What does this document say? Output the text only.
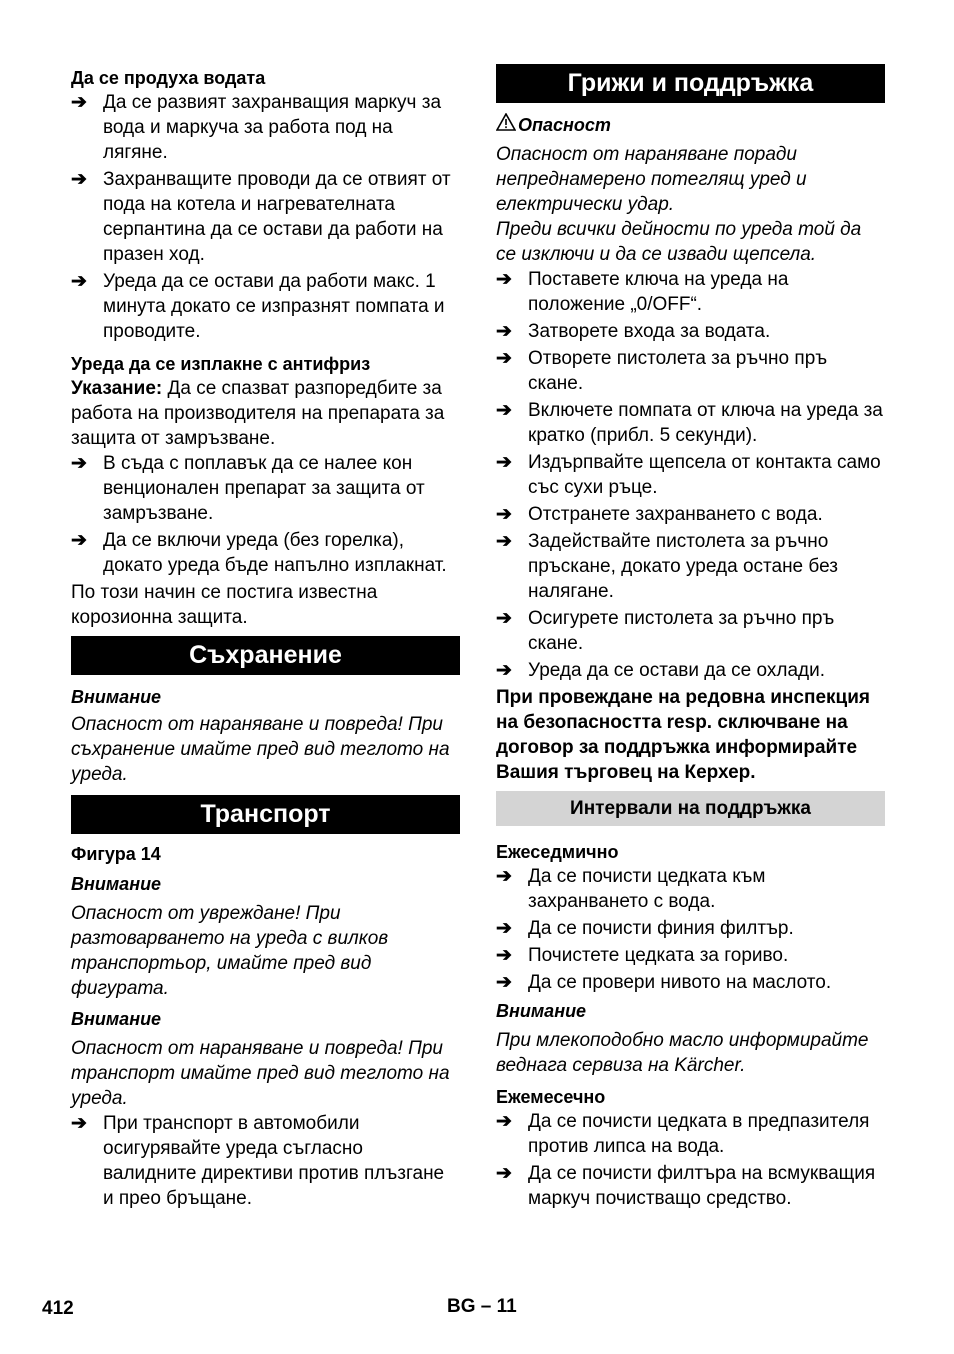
Да се продуха водата

➔ Да се развият захранващия маркуч за вода и маркуча за работа под на лягяне.
➔ Захранващите проводи да се отвият от пода на котела и нагревателната серпантина да се остави да работи на празен ход.
➔ Уреда да се остави да работи макс. 1 минута докато се изпразнят помпата и проводите.

Уреда да се изплакне с антифриз

Указание: Да се спазват разпоредбите за работа на производителя на препарата за защита от замръзване.

➔ В съда с поплавък да се налее кон венционален препарат за защита от замръзване.
➔ Да се включи уреда (без горелка), докато уреда бъде напълно изплакнат.

По този начин се постига известна корозионна защита.

Съхранение

Внимание

Опасност от нараняване и повреда! При съхранение имайте пред вид теглото на уреда.

Транспорт

Фигура 14

Внимание

Опасност от увреждане! При разтоварването на уреда с вилков транспортьор, имайте пред вид фигурата.

Внимание

Опасност от нараняване и повреда! При транспорт имайте пред вид теглото на уреда.

➔ При транспорт в автомобили осигурявайте уреда съгласно валидните директиви против плъзгане и прео бръщане.
Грижи и поддръжка

Опасност

Опасност от нараняване поради непреднамерено потеглящ уред и електрически удар.

Преди всички дейности по уреда той да се изключи и да се извади щепсела.

➔ Поставете ключа на уреда на положение „0/OFF“.
➔ Затворете входа за водата.
➔ Отворете пистолета за ръчно пръ скане.
➔ Включете помпата от ключа на уреда за кратко (прибл. 5 секунди).
➔ Издърпвайте щепсела от контакта само със сухи ръце.
➔ Отстранете захранването с вода.
➔ Задействайте пистолета за ръчно пръскане, докато уреда остане без налягане.
➔ Осигурете пистолета за ръчно пръ скане.
➔ Уреда да се остави да се охлади.

При провеждане на редовна инспекция на безопасността resp. сключване на договор за поддръжка информирайте Вашия търговец на Керхер.

Интервали на поддръжка

Ежеседмично

➔ Да се почисти цедката към захранването с вода.
➔ Да се почисти финия филтър.
➔ Почистете цедката за гориво.
➔ Да се провери нивото на маслото.

Внимание

При млекоподобно масло информирайте веднага сервиза на Kärcher.

Ежемесечно

➔ Да се почисти цедката в предпазителя против липса на вода.
➔ Да се почисти филтъра на всмукващия маркуч почистващо средство.
412	BG – 11
